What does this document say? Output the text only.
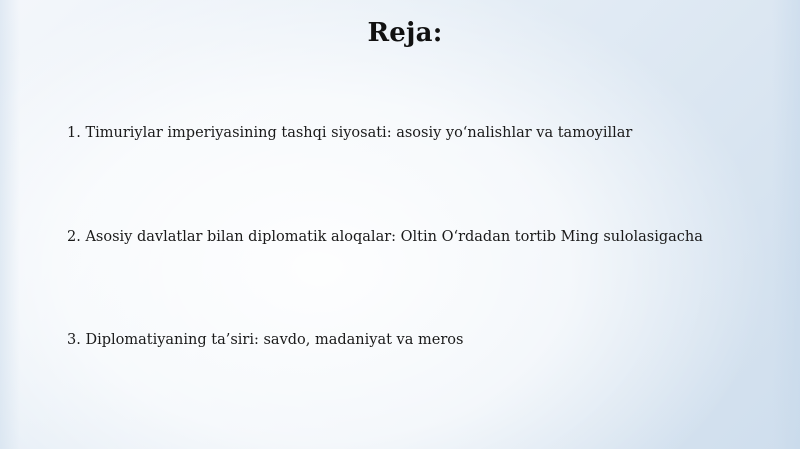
Reja:
1. Timuriylar imperiyasining tashqi siyosati: asosiy yo‘nalishlar va tamoyillar
2. Asosiy davlatlar bilan diplomatik aloqalar: Oltin O‘rdadan tortib Ming sulolasigacha
3. Diplomatiyaning ta’siri: savdo, madaniyat va meros
